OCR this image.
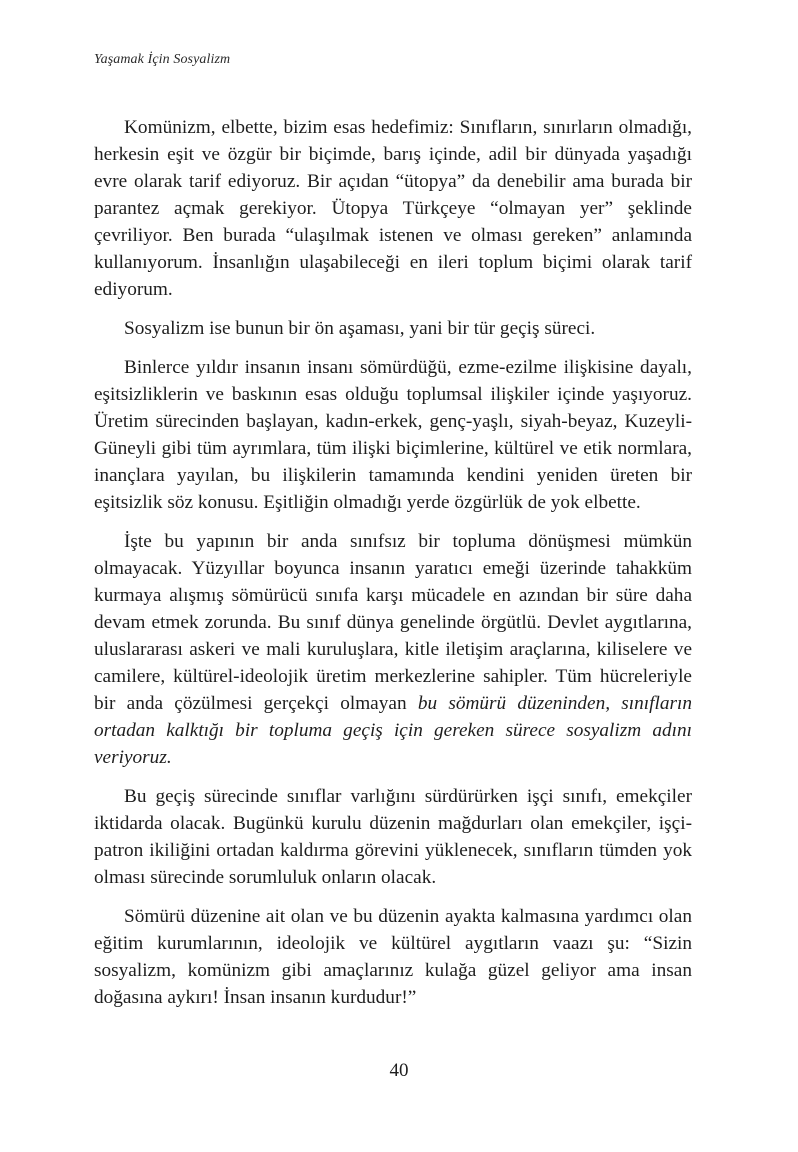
Yaşamak İçin Sosyalizm

Komünizm, elbette, bizim esas hedefimiz: Sınıfların, sınırların olmadığı, herkesin eşit ve özgür bir biçimde, barış içinde, adil bir dünyada yaşadığı evre olarak tarif ediyoruz. Bir açıdan “ütopya” da denebilir ama burada bir parantez açmak gerekiyor. Ütopya Türkçeye “olmayan yer” şeklinde çevriliyor. Ben burada “ulaşılmak istenen ve olması gereken” anlamında kullanıyorum. İnsanlığın ulaşabileceği en ileri toplum biçimi olarak tarif ediyorum.

Sosyalizm ise bunun bir ön aşaması, yani bir tür geçiş süreci.

Binlerce yıldır insanın insanı sömürdüğü, ezme-ezilme ilişkisine dayalı, eşitsizliklerin ve baskının esas olduğu toplumsal ilişkiler içinde yaşıyoruz. Üretim sürecinden başlayan, kadın-erkek, genç-yaşlı, siyah-beyaz, Kuzeyli-Güneyli gibi tüm ayrımlara, tüm ilişki biçimlerine, kültürel ve etik normlara, inançlara yayılan, bu ilişkilerin tamamında kendini yeniden üreten bir eşitsizlik söz konusu. Eşitliğin olmadığı yerde özgürlük de yok elbette.

İşte bu yapının bir anda sınıfsız bir topluma dönüşmesi mümkün olmayacak. Yüzyıllar boyunca insanın yaratıcı emeği üzerinde tahakküm kurmaya alışmış sömürücü sınıfa karşı mücadele en azından bir süre daha devam etmek zorunda. Bu sınıf dünya genelinde örgütlü. Devlet aygıtlarına, uluslararası askeri ve mali kuruluşlara, kitle iletişim araçlarına, kiliselere ve camilere, kültürel-ideolojik üretim merkezlerine sahipler. Tüm hücreleriyle bir anda çözülmesi gerçekçi olmayan bu sömürü düzeninden, sınıfların ortadan kalktığı bir topluma geçiş için gereken sürece sosyalizm adını veriyoruz.

Bu geçiş sürecinde sınıflar varlığını sürdürürken işçi sınıfı, emekçiler iktidarda olacak. Bugünkü kurulu düzenin mağdurları olan emekçiler, işçi-patron ikiliğini ortadan kaldırma görevini yüklenecek, sınıfların tümden yok olması sürecinde sorumluluk onların olacak.

Sömürü düzenine ait olan ve bu düzenin ayakta kalmasına yardımcı olan eğitim kurumlarının, ideolojik ve kültürel aygıtların vaazı şu: “Sizin sosyalizm, komünizm gibi amaçlarınız kulağa güzel geliyor ama insan doğasına aykırı! İnsan insanın kurdudur!”

40
